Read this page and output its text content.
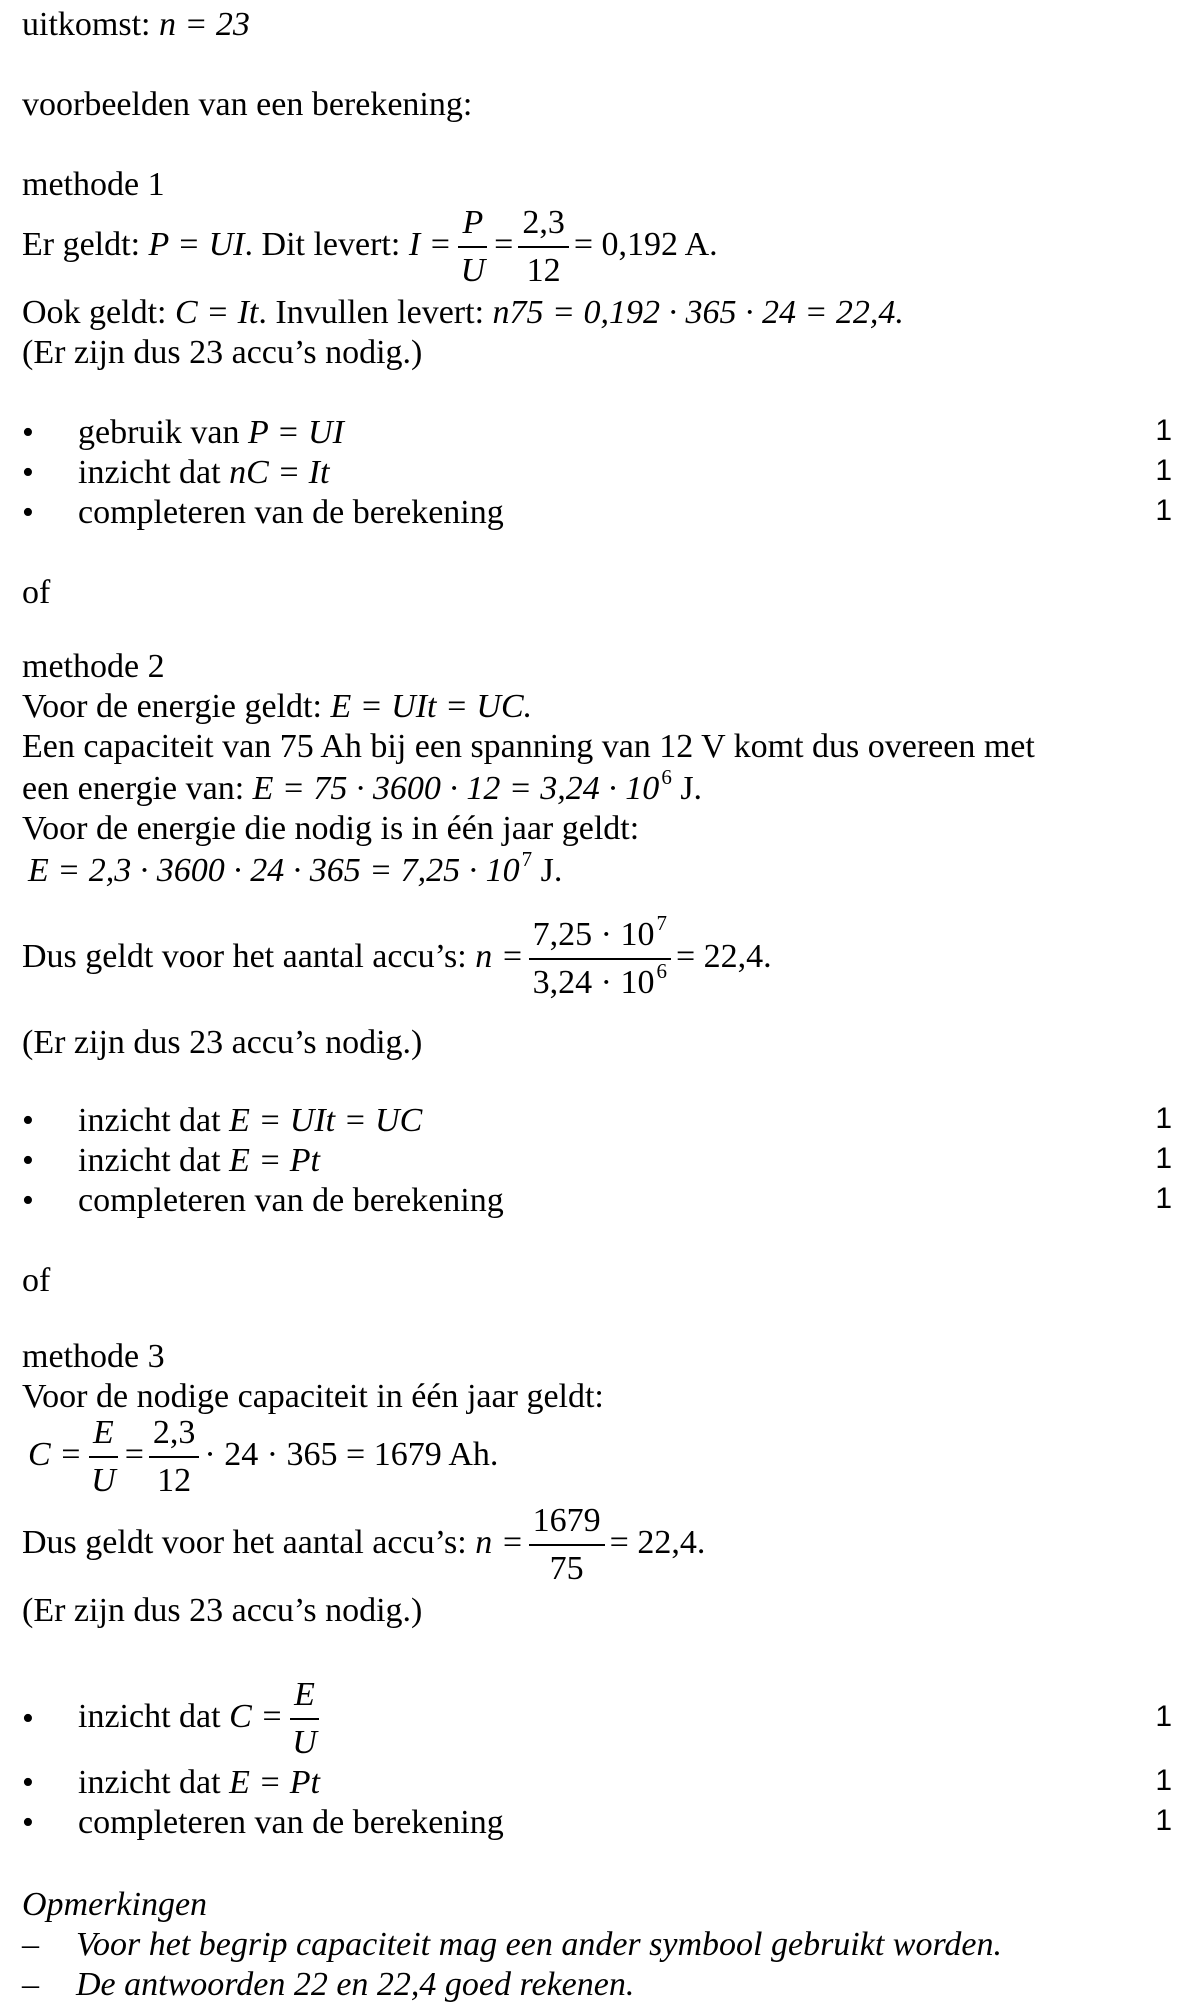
uitkomst: n = 23
voorbeelden van een berekening:
methode 1
Er geldt: P = UI. Dit levert: $I = \frac{P}{U} = \frac{2,3}{12} = 0,192$ A.
Ook geldt: C = It. Invullen levert: n75 = 0,192 · 365 · 24 = 22,4.
(Er zijn dus 23 accu’s nodig.)
• gebruik van P = UI	1
• inzicht dat nC = It	1
• completeren van de berekening	1
of
methode 2
Voor de energie geldt: E = UIt = UC.
Een capaciteit van 75 Ah bij een spanning van 12 V komt dus overeen met
een energie van: $E = 75 \cdot 3600 \cdot 12 = 3,24 \cdot 10^6$ J.
Voor de energie die nodig is in één jaar geldt:
$E = 2,3 \cdot 3600 \cdot 24 \cdot 365 = 7,25 \cdot 10^7$ J.
Dus geldt voor het aantal accu’s: $n = \frac{7,25 \cdot 10^7}{3,24 \cdot 10^6} = 22,4$.
(Er zijn dus 23 accu’s nodig.)
• inzicht dat E = UIt = UC	1
• inzicht dat E = Pt	1
• completeren van de berekening	1
of
methode 3
Voor de nodige capaciteit in één jaar geldt:
$C = \frac{E}{U} = \frac{2,3}{12} \cdot 24 \cdot 365 = 1679$ Ah.
Dus geldt voor het aantal accu’s: $n = \frac{1679}{75} = 22,4$.
(Er zijn dus 23 accu’s nodig.)
• inzicht dat $C = \frac{E}{U}$	1
• inzicht dat E = Pt	1
• completeren van de berekening	1
Opmerkingen
– Voor het begrip capaciteit mag een ander symbool gebruikt worden.
– De antwoorden 22 en 22,4 goed rekenen.
